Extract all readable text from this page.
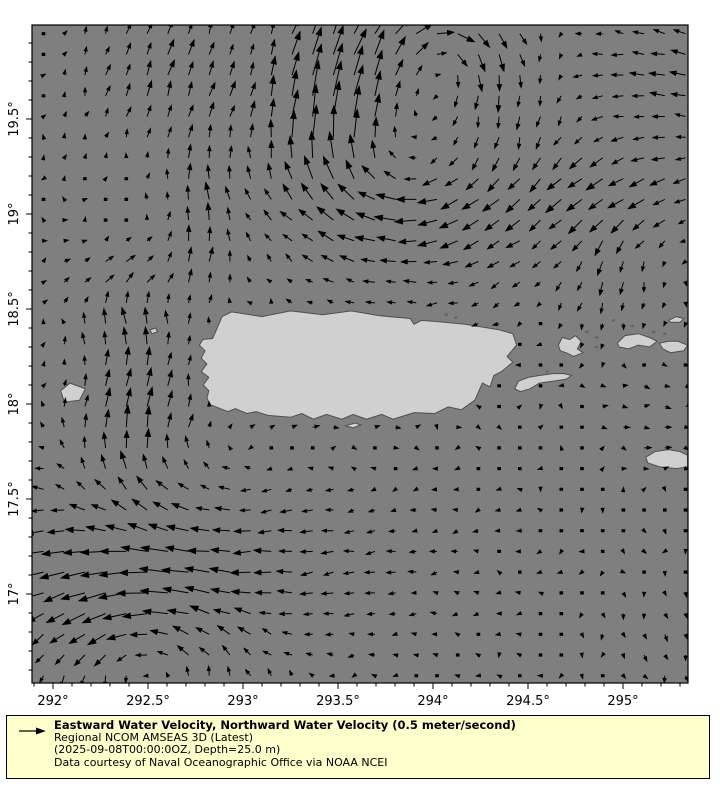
292°	292.5°	293°	293.5°	294°	294.5°	295°
17°
17.5°
18°
18.5°
19°
19.5°
Eastward Water Velocity, Northward Water Velocity (0.5 meter/second)
Regional NCOM AMSEAS 3D (Latest)
(2025-09-08T00:00:0OZ, Depth=25.0 m)
Data courtesy of Naval Oceanographic Office via NOAA NCEI
